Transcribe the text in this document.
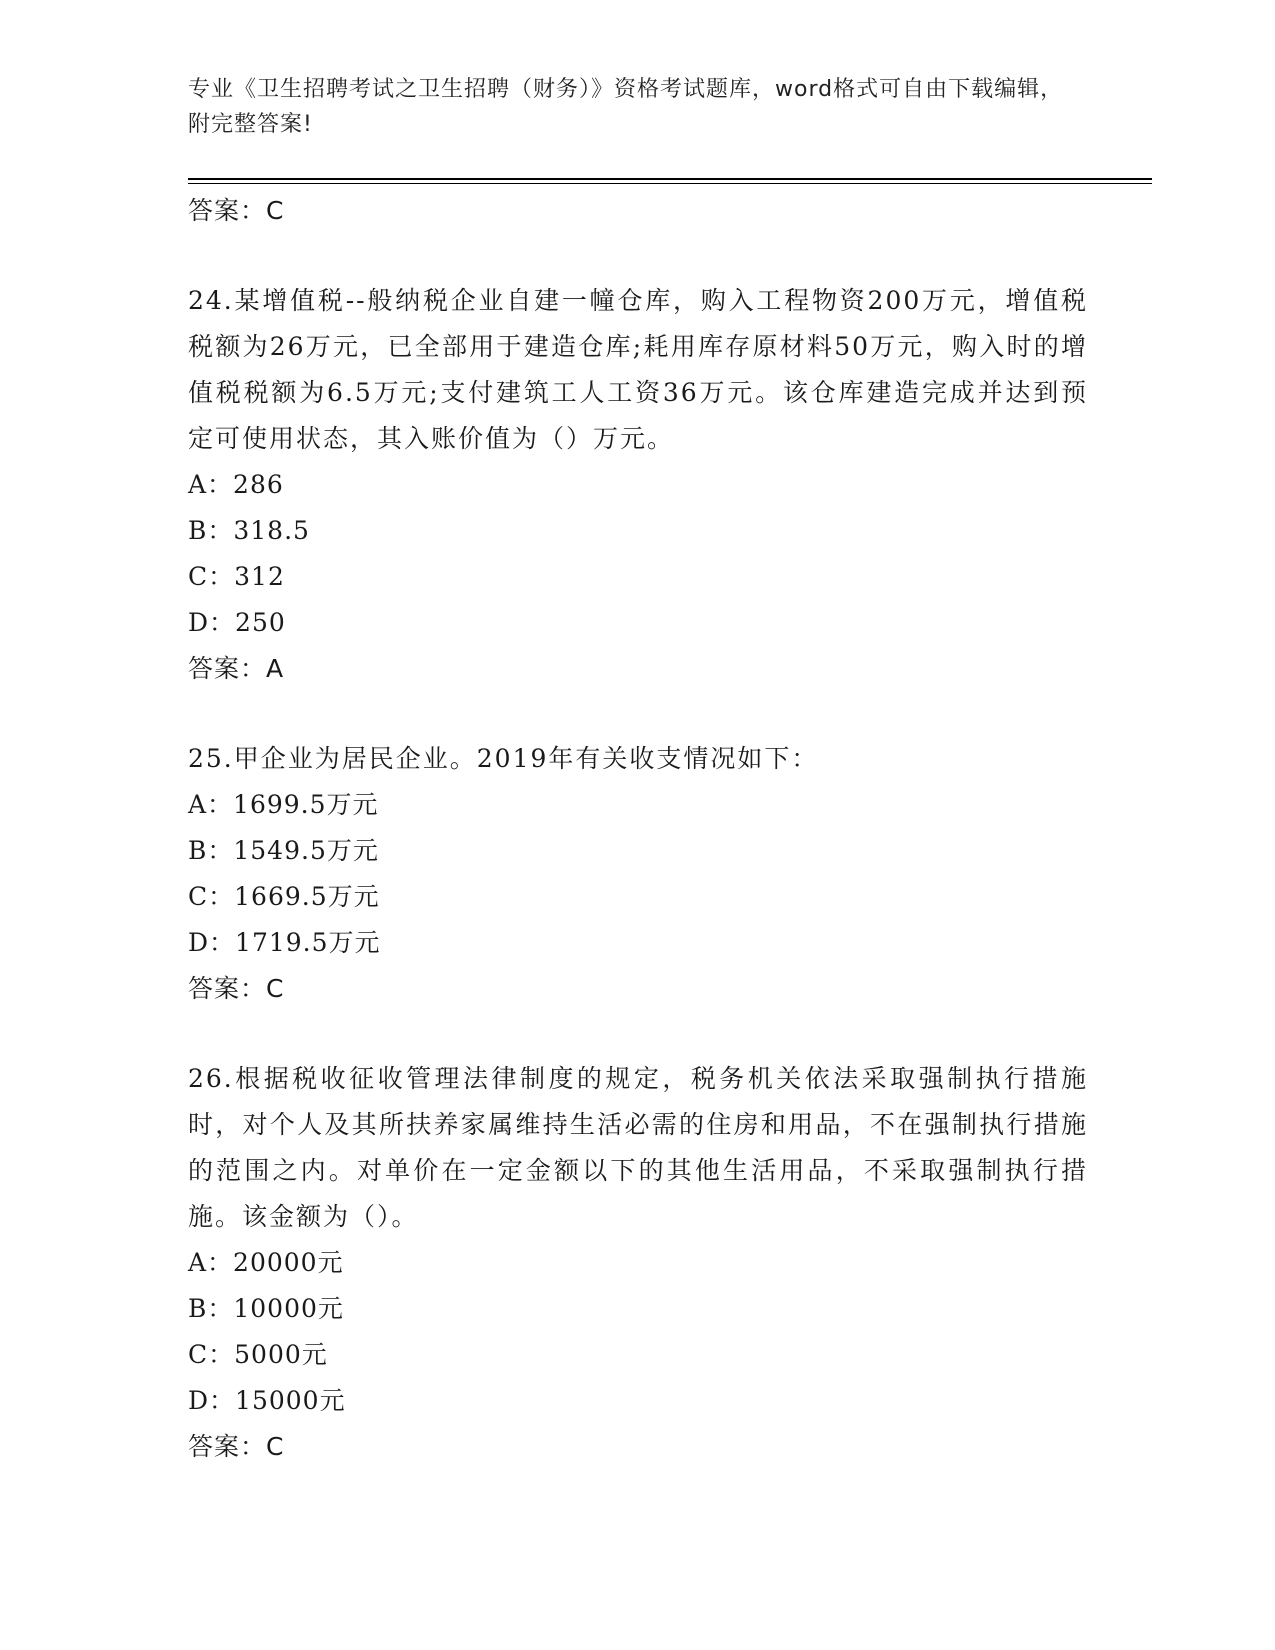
专业《卫生招聘考试之卫生招聘（财务）》资格考试题库，word格式可自由下载编辑，附完整答案!
答案：C
24.某增值税--般纳税企业自建一幢仓库，购入工程物资200万元，增值税税额为26万元，已全部用于建造仓库;耗用库存原材料50万元，购入时的增值税税额为6.5万元;支付建筑工人工资36万元。该仓库建造完成并达到预定可使用状态，其入账价值为（）万元。
A：286
B：318.5
C：312
D：250
答案：A
25.甲企业为居民企业。2019年有关收支情况如下：
A：1699.5万元
B：1549.5万元
C：1669.5万元
D：1719.5万元
答案：C
26.根据税收征收管理法律制度的规定，税务机关依法采取强制执行措施时，对个人及其所扶养家属维持生活必需的住房和用品，不在强制执行措施的范围之内。对单价在一定金额以下的其他生活用品，不采取强制执行措施。该金额为（）。
A：20000元
B：10000元
C：5000元
D：15000元
答案：C
